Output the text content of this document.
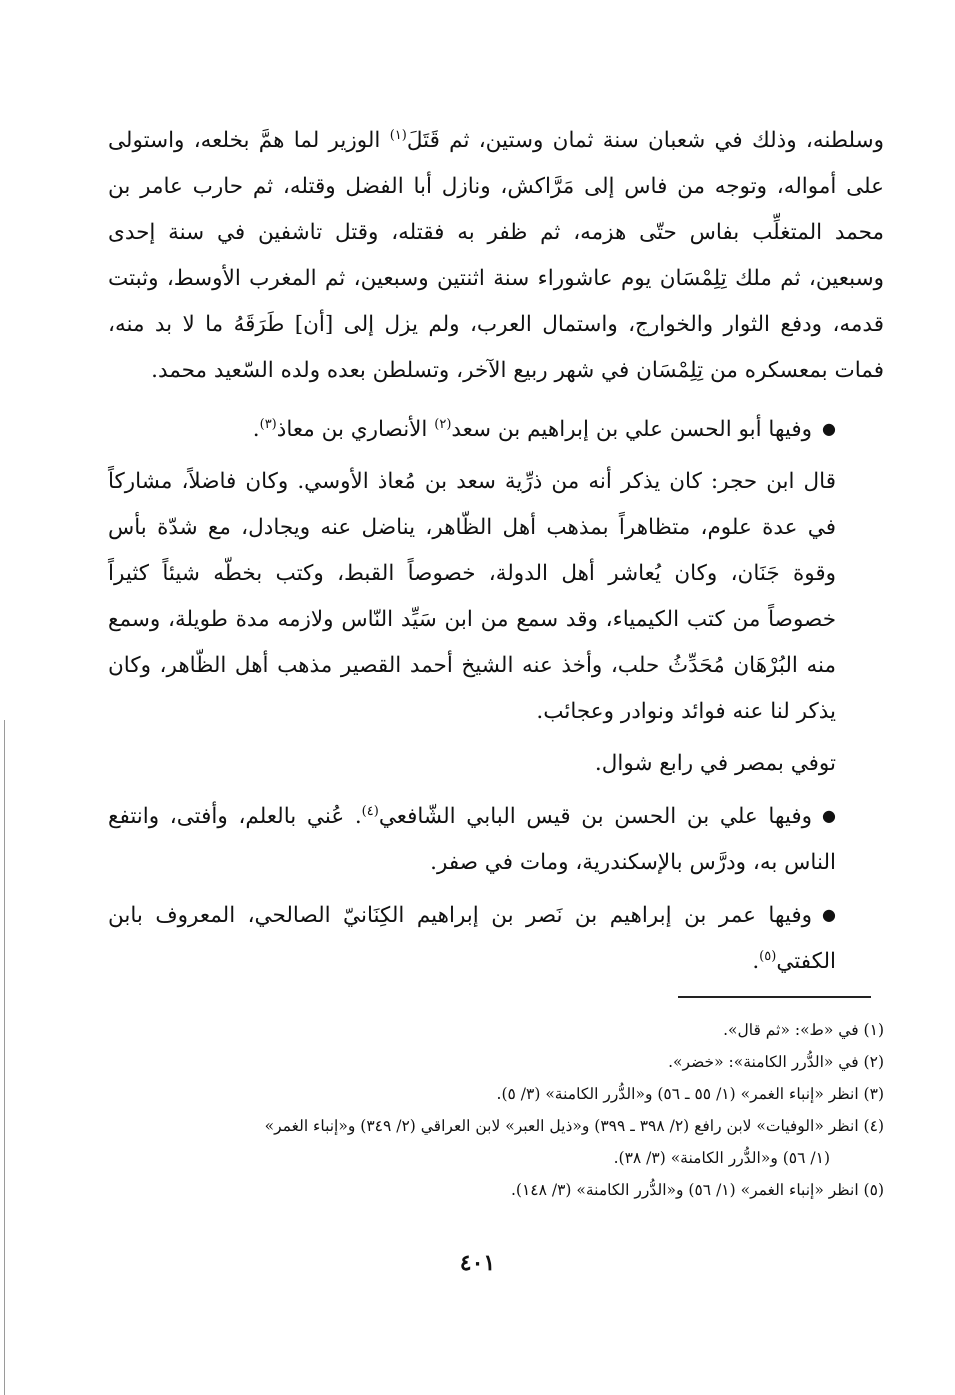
وسلطنه، وذلك في شعبان سنة ثمان وستين، ثم قَتَلَ$^{(١)}$ الوزير لما همَّ بخلعه، واستولى على أمواله، وتوجه من فاس إلى مَرَّاكش، ونازل أبا الفضل وقتله، ثم حارب عامر بن محمد المتغلِّب بفاس حتّى هزمه، ثم ظفر به فقتله، وقتل تاشفين في سنة إحدى وسبعين، ثم ملك تِلِمْسَان يوم عاشوراء سنة اثنتين وسبعين، ثم المغرب الأوسط، وثبتت قدمه، ودفع الثوار والخوارج، واستمال العرب، ولم يزل إلى [أن] طَرَقَهُ ما لا بد منه، فمات بمعسكره من تِلِمْسَان في شهر ربيع الآخر، وتسلطن بعده ولده السّعيد محمد.

●وفيها أبو الحسن علي بن إبراهيم بن سعد$^{(٢)}$ الأنصاري بن معاذ$^{(٣)}$.

قال ابن حجر: كان يذكر أنه من ذرِّية سعد بن مُعاذ الأوسي. وكان فاضلاً، مشاركاً في عدة علوم، متظاهراً بمذهب أهل الظّاهر، يناضل عنه ويجادل، مع شدّة بأس وقوة جَنَان، وكان يُعاشر أهل الدولة، خصوصاً القبط، وكتب بخطّه شيئاً كثيراً خصوصاً من كتب الكيمياء، وقد سمع من ابن سَيِّد النّاس ولازمه مدة طويلة، وسمع منه البُرْهَان مُحَدِّثُ حلب، وأخذ عنه الشيخ أحمد القصير مذهب أهل الظّاهر، وكان يذكر لنا عنه فوائد ونوادر وعجائب.

توفي بمصر في رابع شوال.

●وفيها علي بن الحسن بن قيس البابي الشّافعي$^{(٤)}$. عُني بالعلم، وأفتى، وانتفع الناس به، ودرَّس بالإسكندرية، ومات في صفر.

●وفيها عمر بن إبراهيم بن نَصر بن إبراهيم الكِنَانيّ الصالحي، المعروف بابن الكفتي$^{(٥)}$.

(١) في «ط»: «ثم قال».

(٢) في «الدُّرر الكامنة»: «خضر».

(٣) انظر «إنباء الغمر» (١/ ٥٥ ـ ٥٦) و«الدُّرر الكامنة» (٣/ ٥).

(٤) انظر «الوفيات» لابن رافع (٢/ ٣٩٨ ـ ٣٩٩) و«ذيل العبر» لابن العراقي (٢/ ٣٤٩) و«إنباء الغمر»

(١/ ٥٦) و«الدُّرر الكامنة» (٣/ ٣٨).

(٥) انظر «إنباء الغمر» (١/ ٥٦) و«الدُّرر الكامنة» (٣/ ١٤٨).

٤٠١
